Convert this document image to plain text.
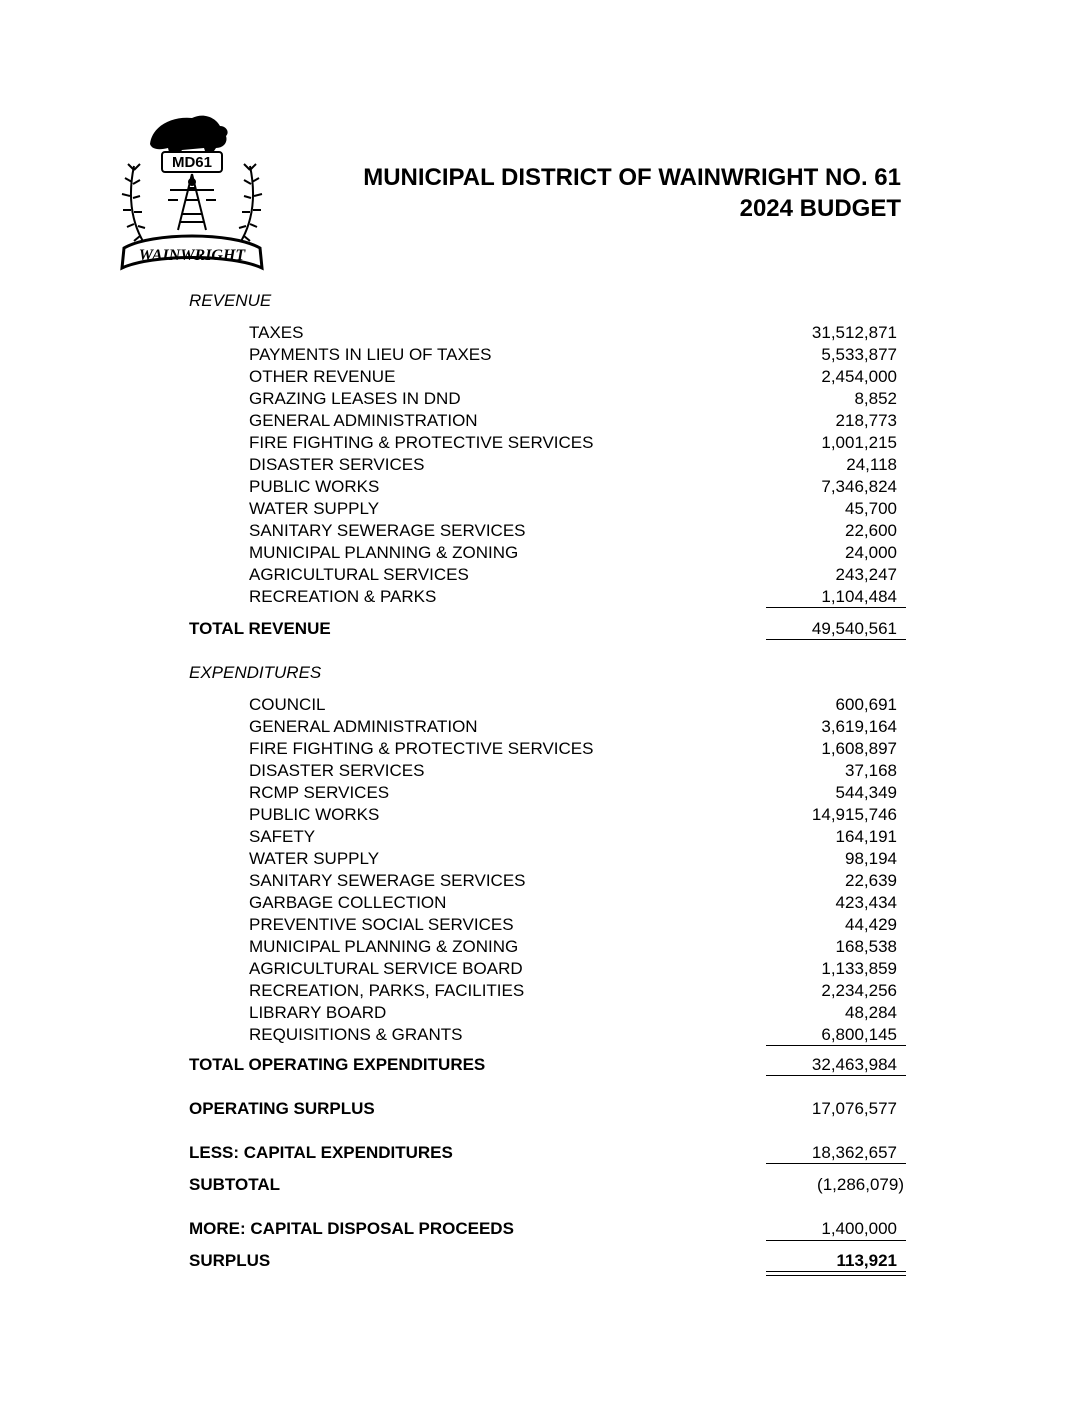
MD61
WAINWRIGHT
MUNICIPAL DISTRICT OF WAINWRIGHT NO. 61
2024 BUDGET
REVENUE
TAXES	31,512,871
PAYMENTS IN LIEU OF TAXES	5,533,877
OTHER REVENUE	2,454,000
GRAZING LEASES IN DND	8,852
GENERAL ADMINISTRATION	218,773
FIRE FIGHTING & PROTECTIVE SERVICES	1,001,215
DISASTER SERVICES	24,118
PUBLIC WORKS	7,346,824
WATER SUPPLY	45,700
SANITARY SEWERAGE SERVICES	22,600
MUNICIPAL PLANNING & ZONING	24,000
AGRICULTURAL SERVICES	243,247
RECREATION & PARKS	1,104,484
TOTAL REVENUE	49,540,561
EXPENDITURES
COUNCIL	600,691
GENERAL ADMINISTRATION	3,619,164
FIRE FIGHTING & PROTECTIVE SERVICES	1,608,897
DISASTER SERVICES	37,168
RCMP SERVICES	544,349
PUBLIC WORKS	14,915,746
SAFETY	164,191
WATER SUPPLY	98,194
SANITARY SEWERAGE SERVICES	22,639
GARBAGE COLLECTION	423,434
PREVENTIVE SOCIAL SERVICES	44,429
MUNICIPAL PLANNING & ZONING	168,538
AGRICULTURAL SERVICE BOARD	1,133,859
RECREATION, PARKS, FACILITIES	2,234,256
LIBRARY BOARD	48,284
REQUISITIONS & GRANTS	6,800,145
TOTAL OPERATING EXPENDITURES	32,463,984
OPERATING SURPLUS	17,076,577
LESS: CAPITAL EXPENDITURES	18,362,657
SUBTOTAL	(1,286,079)
MORE: CAPITAL DISPOSAL PROCEEDS	1,400,000
SURPLUS	113,921
